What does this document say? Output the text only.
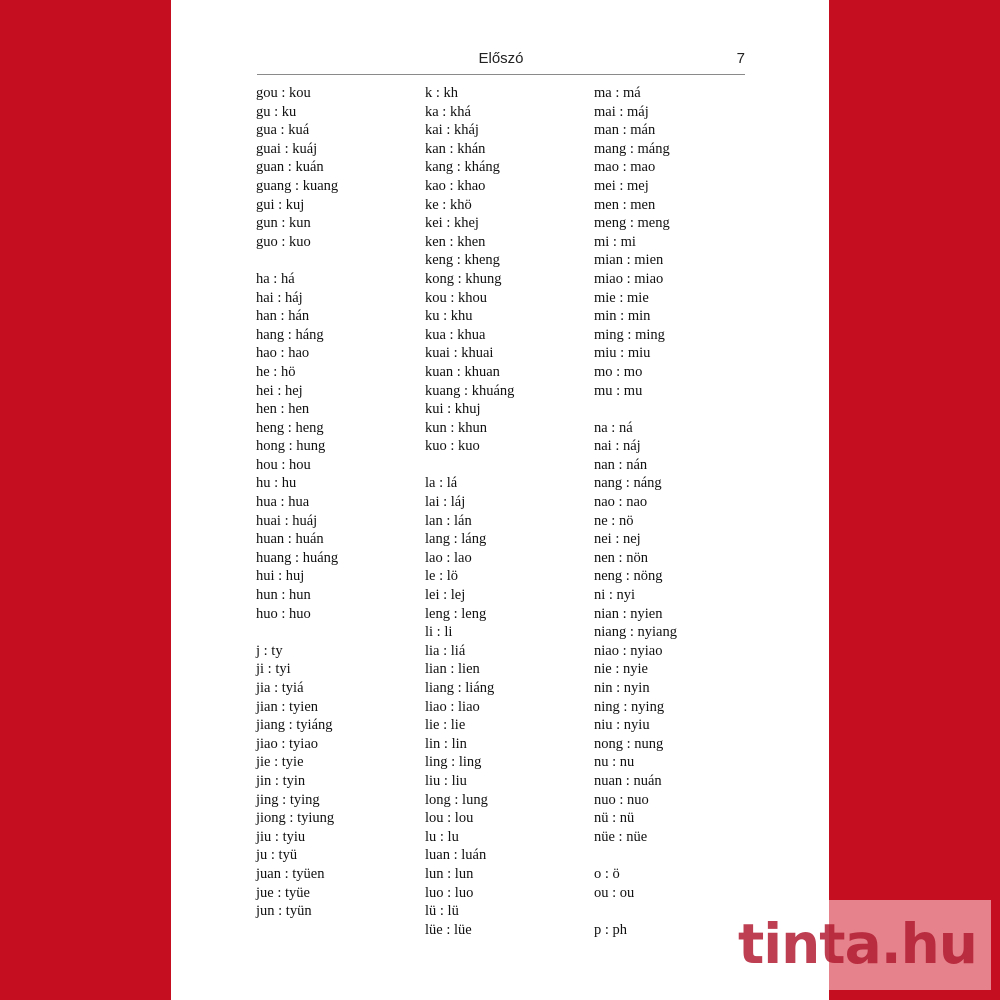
Előszó	7
gou : kou
gu : ku
gua : kuá
guai : kuáj
guan : kuán
guang : kuang
gui : kuj
gun : kun
guo : kuo

ha : há
hai : háj
han : hán
hang : háng
hao : hao
he : hö
hei : hej
hen : hen
heng : heng
hong : hung
hou : hou
hu : hu
hua : hua
huai : huáj
huan : huán
huang : huáng
hui : huj
hun : hun
huo : huo

j : ty
ji : tyi
jia : tyiá
jian : tyien
jiang : tyiáng
jiao : tyiao
jie : tyie
jin : tyin
jing : tying
jiong : tyiung
jiu : tyiu
ju : tyü
juan : tyüen
jue : tyüe
jun : tyün
k : kh
ka : khá
kai : kháj
kan : khán
kang : kháng
kao : khao
ke : khö
kei : khej
ken : khen
keng : kheng
kong : khung
kou : khou
ku : khu
kua : khua
kuai : khuai
kuan : khuan
kuang : khuáng
kui : khuj
kun : khun
kuo : kuo

la : lá
lai : láj
lan : lán
lang : láng
lao : lao
le : lö
lei : lej
leng : leng
li : li
lia : liá
lian : lien
liang : liáng
liao : liao
lie : lie
lin : lin
ling : ling
liu : liu
long : lung
lou : lou
lu : lu
luan : luán
lun : lun
luo : luo
lü : lü
lüe : lüe
ma : má
mai : máj
man : mán
mang : máng
mao : mao
mei : mej
men : men
meng : meng
mi : mi
mian : mien
miao : miao
mie : mie
min : min
ming : ming
miu : miu
mo : mo
mu : mu

na : ná
nai : náj
nan : nán
nang : náng
nao : nao
ne : nö
nei : nej
nen : nön
neng : nöng
ni : nyi
nian : nyien
niang : nyiang
niao : nyiao
nie : nyie
nin : nyin
ning : nying
niu : nyiu
nong : nung
nu : nu
nuan : nuán
nuo : nuo
nü : nü
nüe : nüe

o : ö
ou : ou

p : ph	tinta.hu
